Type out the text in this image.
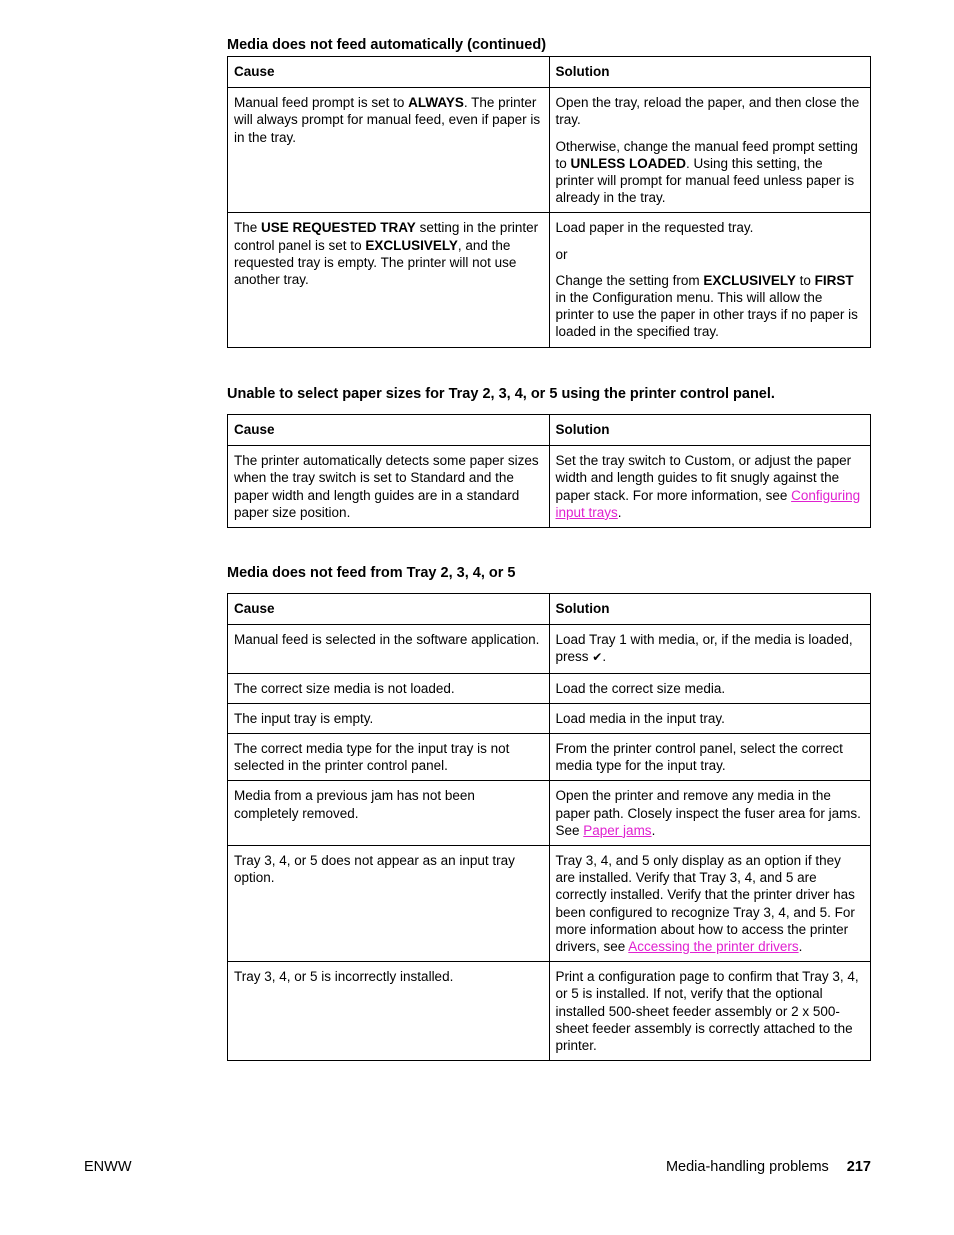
Media does not feed automatically (continued)
Cause	Solution

Manual feed prompt is set to ALWAYS. The printer will always prompt for manual feed, even if paper is in the tray.	Open the tray, reload the paper, and then close the tray.

Otherwise, change the manual feed prompt setting to UNLESS LOADED. Using this setting, the printer will prompt for manual feed unless paper is already in the tray.

The USE REQUESTED TRAY setting in the printer control panel is set to EXCLUSIVELY, and the requested tray is empty. The printer will not use another tray.	Load paper in the requested tray.

or

Change the setting from EXCLUSIVELY to FIRST in the Configuration menu. This will allow the printer to use the paper in other trays if no paper is loaded in the specified tray.

Unable to select paper sizes for Tray 2, 3, 4, or 5 using the printer control panel.
Cause	Solution

The printer automatically detects some paper sizes when the tray switch is set to Standard and the paper width and length guides are in a standard paper size position.	Set the tray switch to Custom, or adjust the paper width and length guides to fit snugly against the paper stack. For more information, see Configuring input trays.

Media does not feed from Tray 2, 3, 4, or 5
Cause	Solution

Manual feed is selected in the software application.	Load Tray 1 with media, or, if the media is loaded, press ✔.

The correct size media is not loaded.	Load the correct size media.

The input tray is empty.	Load media in the input tray.

The correct media type for the input tray is not selected in the printer control panel.	From the printer control panel, select the correct media type for the input tray.

Media from a previous jam has not been completely removed.	Open the printer and remove any media in the paper path. Closely inspect the fuser area for jams. See Paper jams.

Tray 3, 4, or 5 does not appear as an input tray option.	Tray 3, 4, and 5 only display as an option if they are installed. Verify that Tray 3, 4, and 5 are correctly installed. Verify that the printer driver has been configured to recognize Tray 3, 4, and 5. For more information about how to access the printer drivers, see Accessing the printer drivers.

Tray 3, 4, or 5 is incorrectly installed.	Print a configuration page to confirm that Tray 3, 4, or 5 is installed. If not, verify that the optional installed 500-sheet feeder assembly or 2 x 500-sheet feeder assembly is correctly attached to the printer.

ENWW	Media-handling problems 217
